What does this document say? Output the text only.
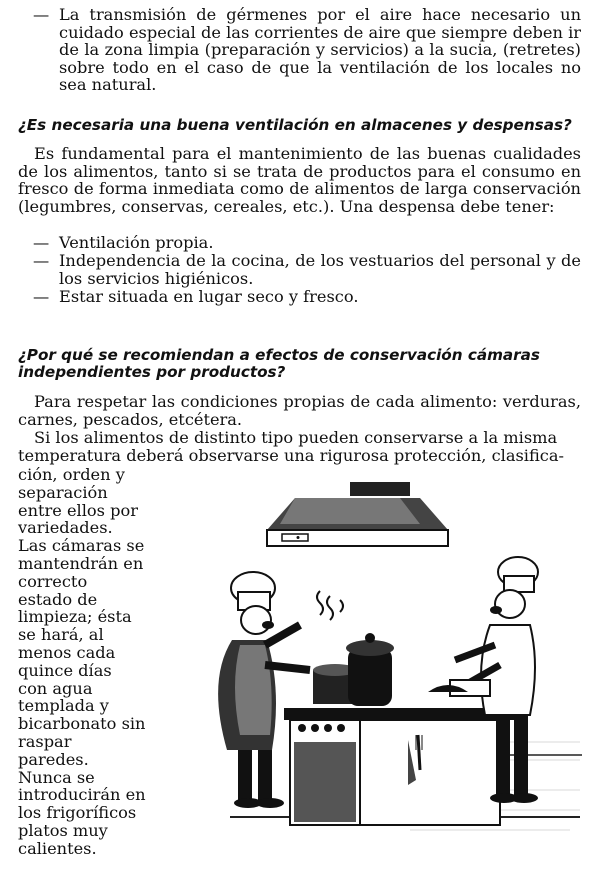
— La transmisión de gérmenes por el aire hace necesario un cuidado especial de las corrientes de aire que siempre deben ir de la zona limpia (preparación y servicios) a la sucia, (retretes) sobre todo en el caso de que la ventilación de los locales no sea natural.
¿Es necesaria una buena ventilación en almacenes y despensas?
Es fundamental para el mantenimiento de las buenas cualidades de los alimentos, tanto si se trata de productos para el consumo en fresco de forma inmediata como de alimentos de larga conservación (legumbres, conservas, cereales, etc.). Una despensa debe tener:
— Ventilación propia.
— Independencia de la cocina, de los vestuarios del personal y de los servicios higiénicos.
— Estar situada en lugar seco y fresco.
¿Por qué se recomiendan a efectos de conservación cámaras
independientes por productos?
Para respetar las condiciones propias de cada alimento: verduras, carnes, pescados, etcétera.
Si los alimentos de distinto tipo pueden conservarse a la misma temperatura deberá observarse una rigurosa protección, clasifica-
ción, orden y separación entre ellos por variedades. Las cámaras se mantendrán en correcto estado de limpieza; ésta se hará, al menos cada quince días con agua templada y bicarbonato sin raspar paredes. Nunca se introducirán en los frigoríficos platos muy calientes.
